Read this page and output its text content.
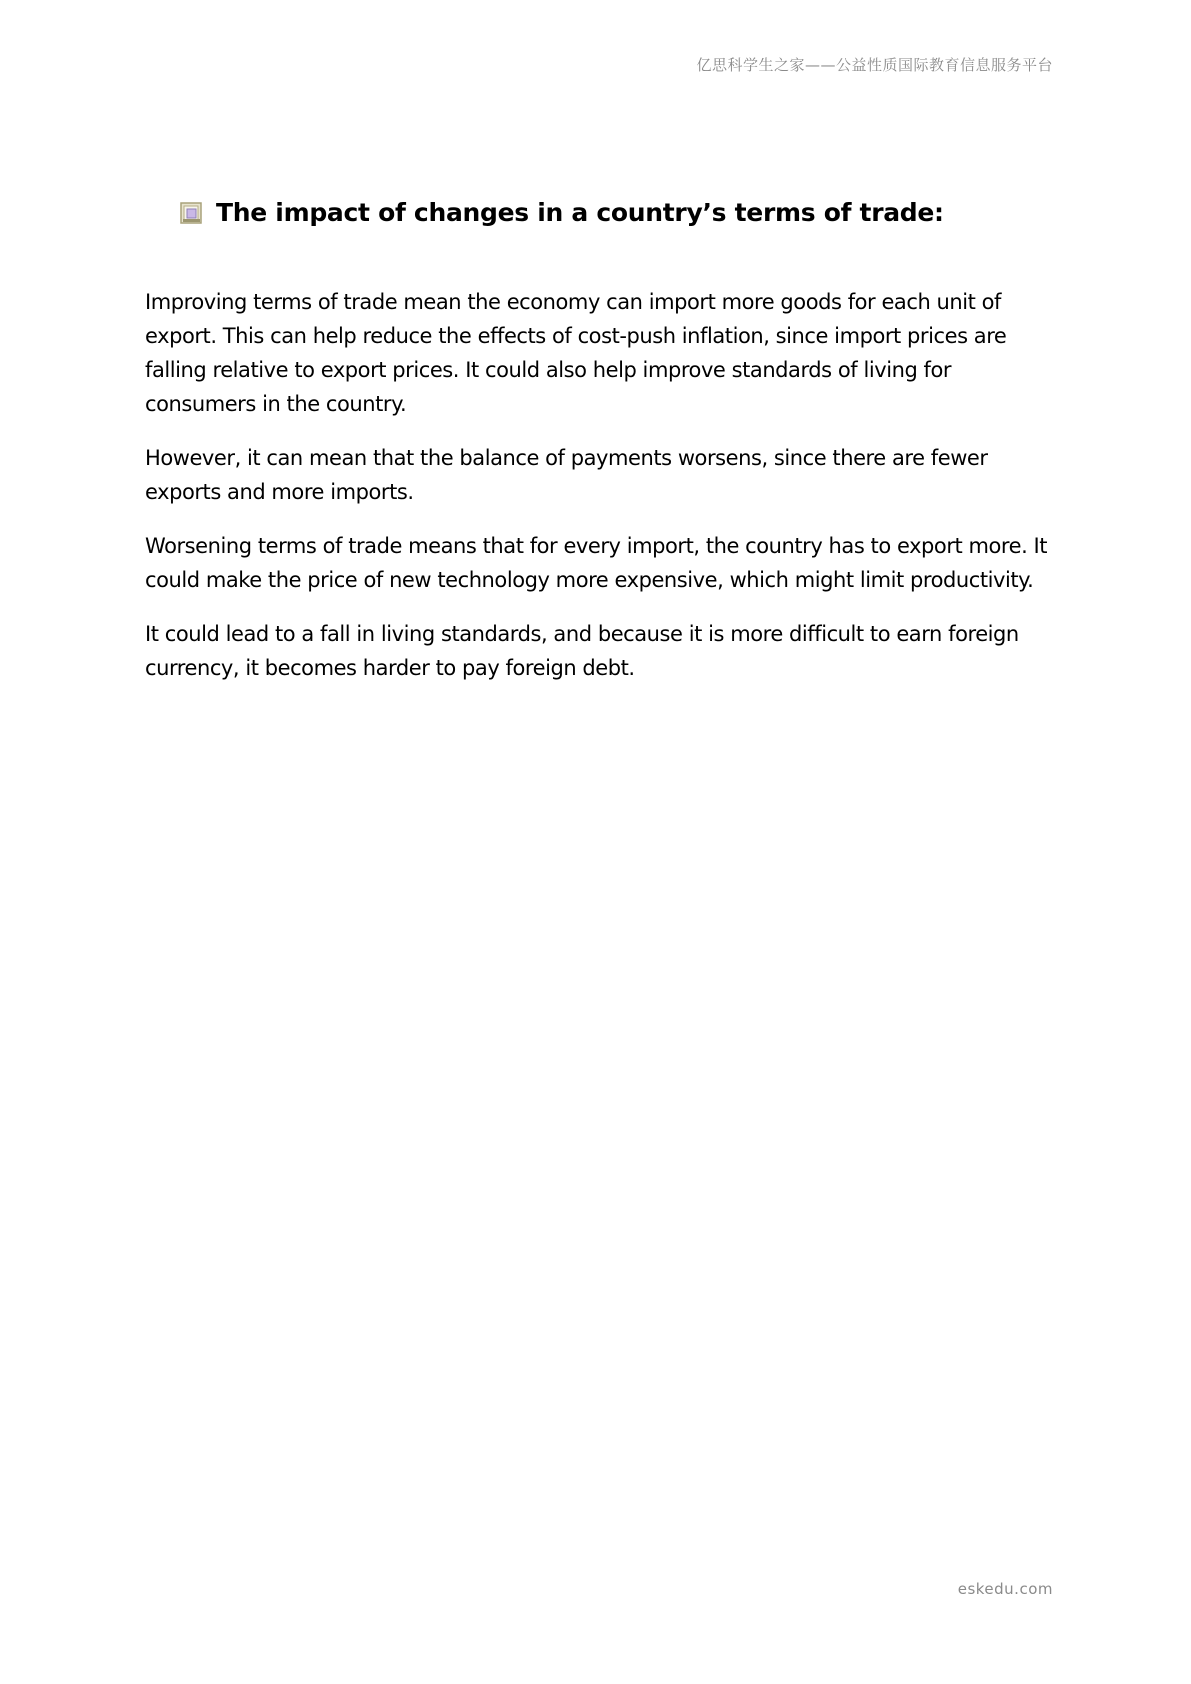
亿思科学生之家——公益性质国际教育信息服务平台
The impact of changes in a country’s terms of trade:

Improving terms of trade mean the economy can import more goods for each unit of export. This can help reduce the effects of cost-push inflation, since import prices are falling relative to export prices. It could also help improve standards of living for consumers in the country.

However, it can mean that the balance of payments worsens, since there are fewer exports and more imports.

Worsening terms of trade means that for every import, the country has to export more. It could make the price of new technology more expensive, which might limit productivity.

It could lead to a fall in living standards, and because it is more difficult to earn foreign currency, it becomes harder to pay foreign debt.

eskedu.com
